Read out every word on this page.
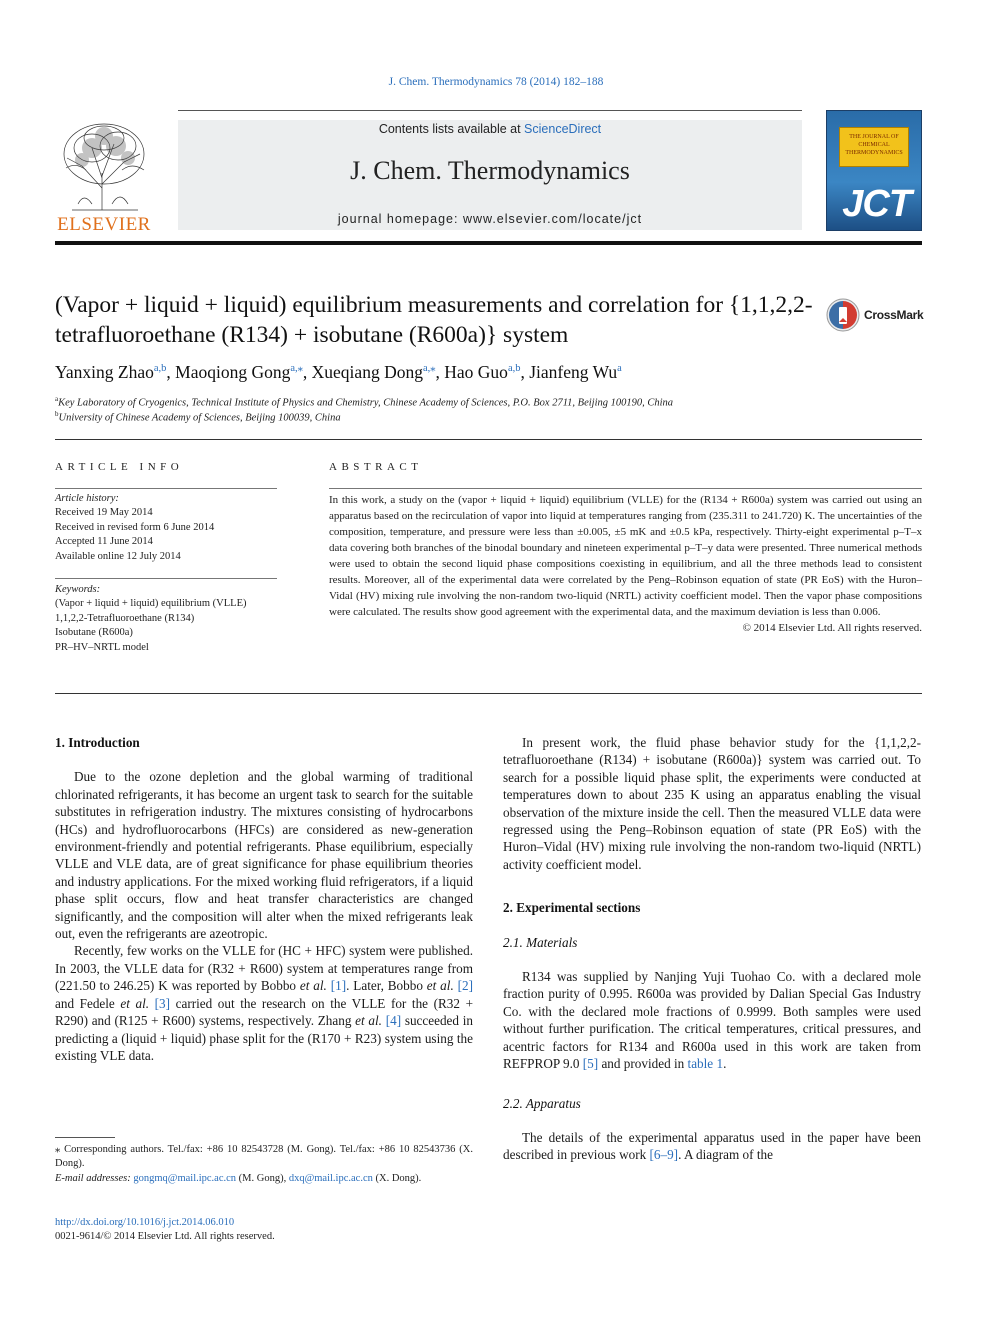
J. Chem. Thermodynamics 78 (2014) 182–188
ELSEVIER
Contents lists available at ScienceDirect
J. Chem. Thermodynamics
journal homepage: www.elsevier.com/locate/jct
THE JOURNAL OF CHEMICAL THERMODYNAMICS
JCT
(Vapor + liquid + liquid) equilibrium measurements and correlation for {1,1,2,2-tetrafluoroethane (R134) + isobutane (R600a)} system
CrossMark
Yanxing Zhao$^{a,b}$, Maoqiong Gong$^{a,⁎}$, Xueqiang Dong$^{a,⁎}$, Hao Guo$^{a,b}$, Jianfeng Wu$^a$
$^a$Key Laboratory of Cryogenics, Technical Institute of Physics and Chemistry, Chinese Academy of Sciences, P.O. Box 2711, Beijing 100190, China
$^b$University of Chinese Academy of Sciences, Beijing 100039, China
ARTICLE INFO
Article history:
Received 19 May 2014
Received in revised form 6 June 2014
Accepted 11 June 2014
Available online 12 July 2014
Keywords:
(Vapor + liquid + liquid) equilibrium (VLLE)
1,1,2,2-Tetrafluoroethane (R134)
Isobutane (R600a)
PR–HV–NRTL model
ABSTRACT
In this work, a study on the (vapor + liquid + liquid) equilibrium (VLLE) for the (R134 + R600a) system was carried out using an apparatus based on the recirculation of vapor into liquid at temperatures ranging from (235.311 to 241.720) K. The uncertainties of the composition, temperature, and pressure were less than ±0.005, ±5 mK and ±0.5 kPa, respectively. Thirty-eight experimental p–T–x data covering both branches of the binodal boundary and nineteen experimental p–T–y data were presented. Three numerical methods were used to obtain the second liquid phase compositions coexisting in equilibrium, and all the three methods lead to consistent results. Moreover, all of the experimental data were correlated by the Peng–Robinson equation of state (PR EoS) with the Huron–Vidal (HV) mixing rule involving the non-random two-liquid (NRTL) activity coefficient model. Then the vapor phase compositions were calculated. The results show good agreement with the experimental data, and the maximum deviation is less than 0.006.
© 2014 Elsevier Ltd. All rights reserved.
1. Introduction

Due to the ozone depletion and the global warming of traditional chlorinated refrigerants, it has become an urgent task to search for the suitable substitutes in refrigeration industry. The mixtures consisting of hydrocarbons (HCs) and hydrofluorocarbons (HFCs) are considered as new-generation environment-friendly and potential refrigerants. Phase equilibrium, especially VLLE and VLE data, are of great significance for phase equilibrium theories and industry applications. For the mixed working fluid refrigerators, if a liquid phase split occurs, flow and heat transfer characteristics are changed significantly, and the composition will alter when the mixed refrigerants leak out, even the refrigerants are azeotropic.

Recently, few works on the VLLE for (HC + HFC) system were published. In 2003, the VLLE data for (R32 + R600) system at temperatures range from (221.50 to 246.25) K was reported by Bobbo et al. [1]. Later, Bobbo et al. [2] and Fedele et al. [3] carried out the research on the VLLE for the (R32 + R290) and (R125 + R600) systems, respectively. Zhang et al. [4] succeeded in predicting a (liquid + liquid) phase split for the (R170 + R23) system using the existing VLE data.

⁎ Corresponding authors. Tel./fax: +86 10 82543728 (M. Gong). Tel./fax: +86 10 82543736 (X. Dong).
E-mail addresses: gongmq@mail.ipc.ac.cn (M. Gong), dxq@mail.ipc.ac.cn (X. Dong).
http://dx.doi.org/10.1016/j.jct.2014.06.010
0021-9614/© 2014 Elsevier Ltd. All rights reserved.

In present work, the fluid phase behavior study for the {1,1,2,2-tetrafluoroethane (R134) + isobutane (R600a)} system was carried out. To search for a possible liquid phase split, the experiments were conducted at temperatures down to about 235 K using an apparatus enabling the visual observation of the mixture inside the cell. Then the measured VLLE data were regressed using the Peng–Robinson equation of state (PR EoS) with the Huron–Vidal (HV) mixing rule involving the non-random two-liquid (NRTL) activity coefficient model.

2. Experimental sections
2.1. Materials

R134 was supplied by Nanjing Yuji Tuohao Co. with a declared mole fraction purity of 0.995. R600a was provided by Dalian Special Gas Industry Co. with the declared mole fractions of 0.9999. Both samples were used without further purification. The critical temperatures, critical pressures, and acentric factors for R134 and R600a used in this work are taken from REFPROP 9.0 [5] and provided in table 1.

2.2. Apparatus

The details of the experimental apparatus used in the paper have been described in previous work [6–9]. A diagram of the
